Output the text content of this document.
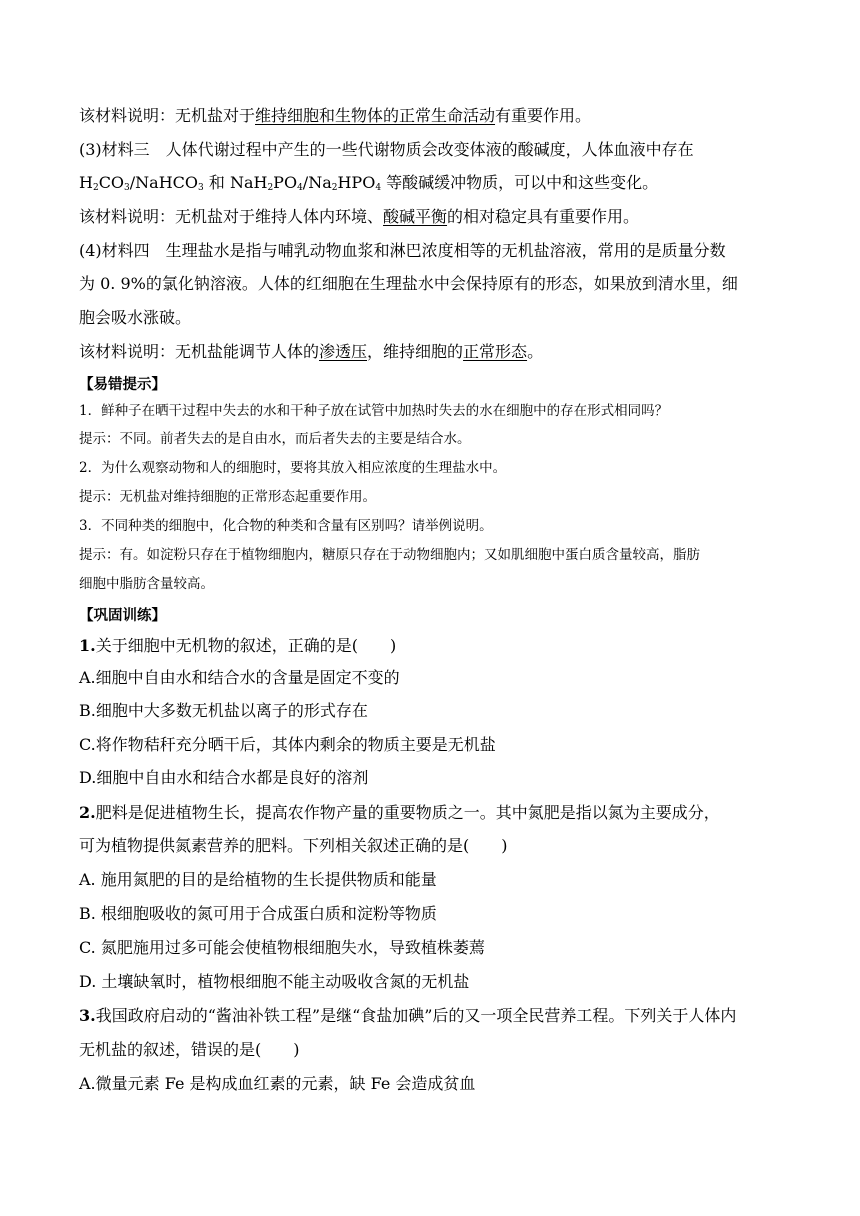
该材料说明：无机盐对于维持细胞和生物体的正常生命活动有重要作用。
(3)材料三　人体代谢过程中产生的一些代谢物质会改变体液的酸碱度，人体血液中存在
$H_2CO_3/NaHCO_3$ 和 $NaH_2PO_4/Na_2HPO_4$ 等酸碱缓冲物质，可以中和这些变化。
该材料说明：无机盐对于维持人体内环境、酸碱平衡的相对稳定具有重要作用。
(4)材料四　生理盐水是指与哺乳动物血浆和淋巴浓度相等的无机盐溶液，常用的是质量分数
为 0. 9%的氯化钠溶液。人体的红细胞在生理盐水中会保持原有的形态，如果放到清水里，细
胞会吸水涨破。
该材料说明：无机盐能调节人体的渗透压，维持细胞的正常形态。
【易错提示】
1．鲜种子在晒干过程中失去的水和干种子放在试管中加热时失去的水在细胞中的存在形式相同吗？
提示：不同。前者失去的是自由水，而后者失去的主要是结合水。
2．为什么观察动物和人的细胞时，要将其放入相应浓度的生理盐水中。
提示：无机盐对维持细胞的正常形态起重要作用。
3．不同种类的细胞中，化合物的种类和含量有区别吗？请举例说明。
提示：有。如淀粉只存在于植物细胞内，糖原只存在于动物细胞内；又如肌细胞中蛋白质含量较高，脂肪
细胞中脂肪含量较高。
【巩固训练】
1.关于细胞中无机物的叙述，正确的是(　　)
A.细胞中自由水和结合水的含量是固定不变的
B.细胞中大多数无机盐以离子的形式存在
C.将作物秸秆充分晒干后，其体内剩余的物质主要是无机盐
D.细胞中自由水和结合水都是良好的溶剂
2.肥料是促进植物生长，提高农作物产量的重要物质之一。其中氮肥是指以氮为主要成分，
可为植物提供氮素营养的肥料。下列相关叙述正确的是(　　)
A. 施用氮肥的目的是给植物的生长提供物质和能量
B. 根细胞吸收的氮可用于合成蛋白质和淀粉等物质
C. 氮肥施用过多可能会使植物根细胞失水，导致植株萎蔫
D. 土壤缺氧时，植物根细胞不能主动吸收含氮的无机盐
3.我国政府启动的“酱油补铁工程”是继“食盐加碘”后的又一项全民营养工程。下列关于人体内
无机盐的叙述，错误的是(　　)
A.微量元素 Fe 是构成血红素的元素，缺 Fe 会造成贫血
